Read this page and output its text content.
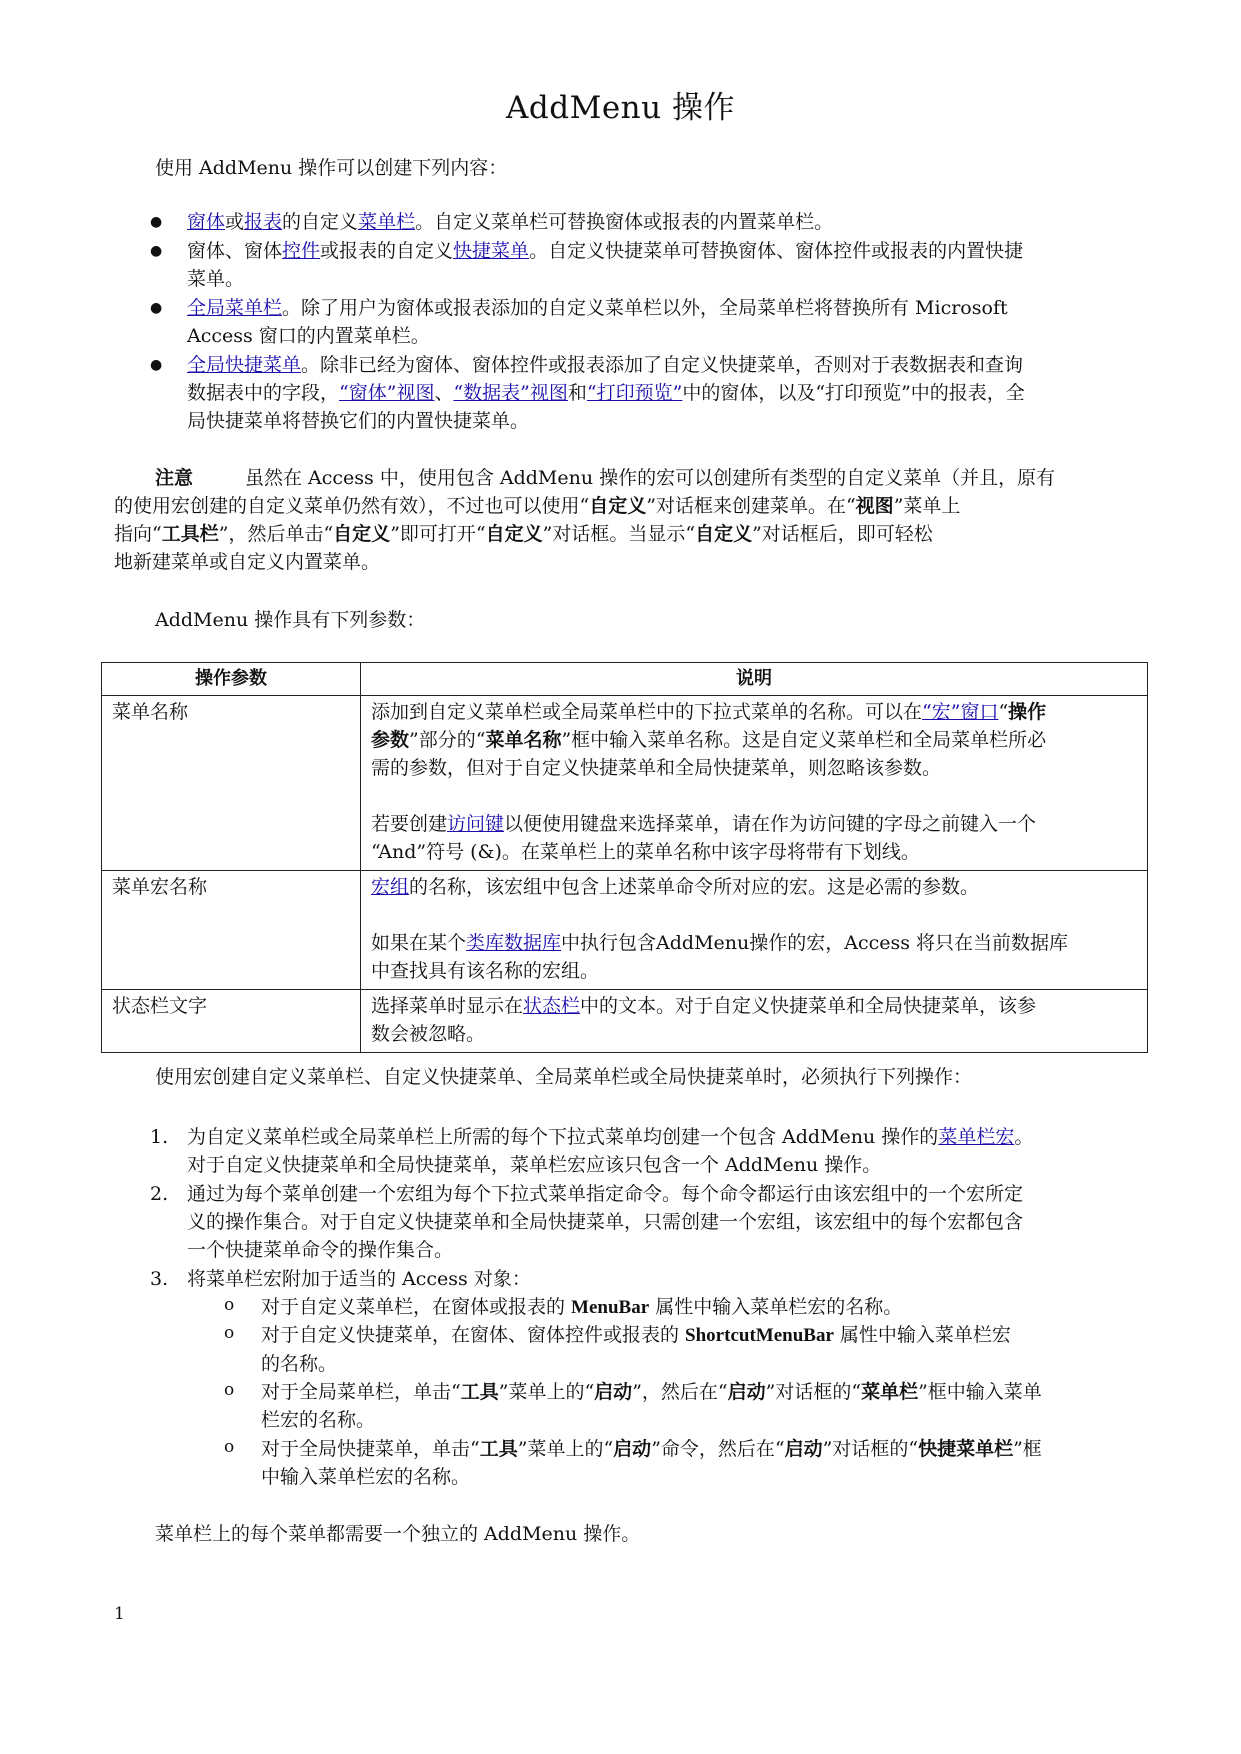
AddMenu 操作

使用 AddMenu 操作可以创建下列内容：

● 窗体或报表的自定义菜单栏。自定义菜单栏可替换窗体或报表的内置菜单栏。

● 窗体、窗体控件或报表的自定义快捷菜单。自定义快捷菜单可替换窗体、窗体控件或报表的内置快捷
菜单。

● 全局菜单栏。除了用户为窗体或报表添加的自定义菜单栏以外，全局菜单栏将替换所有 Microsoft
Access 窗口的内置菜单栏。

● 全局快捷菜单。除非已经为窗体、窗体控件或报表添加了自定义快捷菜单，否则对于表数据表和查询
数据表中的字段，“窗体”视图、“数据表”视图和“打印预览”中的窗体，以及“打印预览”中的报表，全
局快捷菜单将替换它们的内置快捷菜单。

注意	虽然在 Access 中，使用包含 AddMenu 操作的宏可以创建所有类型的自定义菜单（并且，原有
的使用宏创建的自定义菜单仍然有效），不过也可以使用“自定义”对话框来创建菜单。在“视图”菜单上
指向“工具栏”，然后单击“自定义”即可打开“自定义”对话框。当显示“自定义”对话框后，即可轻松
地新建菜单或自定义内置菜单。

AddMenu 操作具有下列参数：

操作参数	说明
菜单名称	添加到自定义菜单栏或全局菜单栏中的下拉式菜单的名称。可以在“宏”窗口“操作
参数”部分的“菜单名称”框中输入菜单名称。这是自定义菜单栏和全局菜单栏所必
需的参数，但对于自定义快捷菜单和全局快捷菜单，则忽略该参数。
若要创建访问键以便使用键盘来选择菜单，请在作为访问键的字母之前键入一个
“And”符号 (&)。在菜单栏上的菜单名称中该字母将带有下划线。

菜单宏名称	宏组的名称，该宏组中包含上述菜单命令所对应的宏。这是必需的参数。
如果在某个类库数据库中执行包含AddMenu操作的宏，Access 将只在当前数据库
中查找具有该名称的宏组。

状态栏文字	选择菜单时显示在状态栏中的文本。对于自定义快捷菜单和全局快捷菜单，该参
数会被忽略。

使用宏创建自定义菜单栏、自定义快捷菜单、全局菜单栏或全局快捷菜单时，必须执行下列操作：

1. 为自定义菜单栏或全局菜单栏上所需的每个下拉式菜单均创建一个包含 AddMenu 操作的菜单栏宏。
对于自定义快捷菜单和全局快捷菜单，菜单栏宏应该只包含一个 AddMenu 操作。
2. 通过为每个菜单创建一个宏组为每个下拉式菜单指定命令。每个命令都运行由该宏组中的一个宏所定
义的操作集合。对于自定义快捷菜单和全局快捷菜单，只需创建一个宏组，该宏组中的每个宏都包含
一个快捷菜单命令的操作集合。
3. 将菜单栏宏附加于适当的 Access 对象：
o 对于自定义菜单栏，在窗体或报表的 MenuBar 属性中输入菜单栏宏的名称。
o 对于自定义快捷菜单，在窗体、窗体控件或报表的 ShortcutMenuBar 属性中输入菜单栏宏
的名称。
o 对于全局菜单栏，单击“工具”菜单上的“启动”，然后在“启动”对话框的“菜单栏”框中输入菜单
栏宏的名称。
o 对于全局快捷菜单，单击“工具”菜单上的“启动”命令，然后在“启动”对话框的“快捷菜单栏”框
中输入菜单栏宏的名称。

菜单栏上的每个菜单都需要一个独立的 AddMenu 操作。

1
